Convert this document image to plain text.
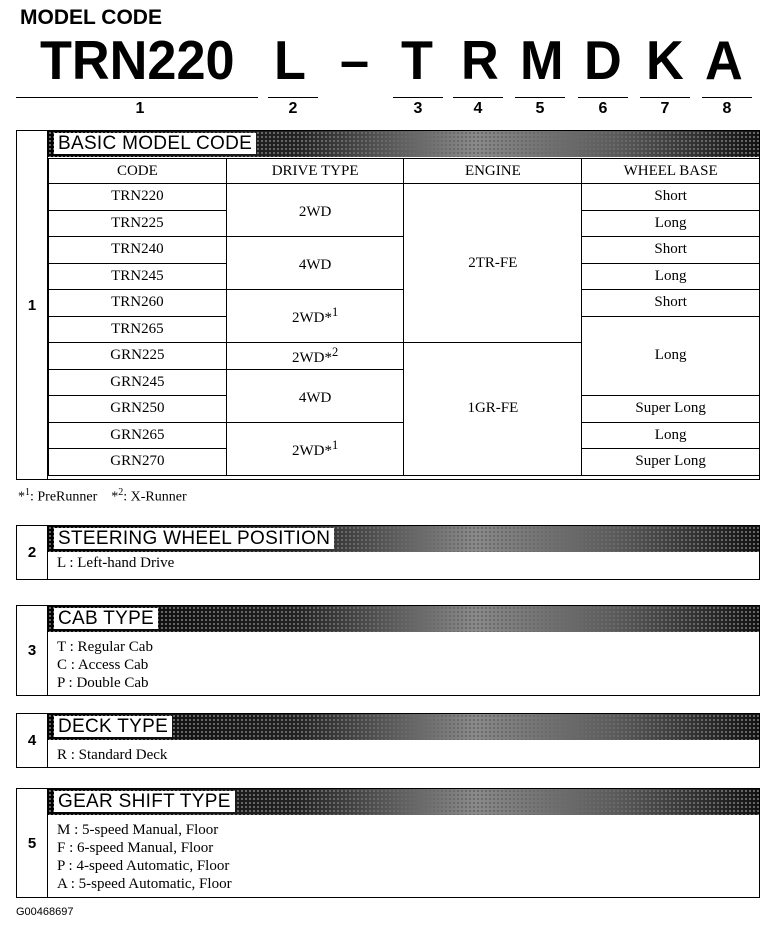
MODEL CODE
TRN220 L – T R M D K A
1	2	3	4	5	6	7	8
1
BASIC MODEL CODE
CODE	DRIVE TYPE	ENGINE	WHEEL BASE
TRN220	2WD	2TR-FE	Short
TRN225			Long
TRN240	4WD		Short
TRN245			Long
TRN260	2WD*$^1$		Short
TRN265			Long
GRN225	2WD*$^2$	1GR-FE	
GRN245	4WD		
GRN250			Super Long
GRN265	2WD*$^1$		Long
GRN270			Super Long
*$^1$: PreRunner    *$^2$: X-Runner
2
STEERING WHEEL POSITION
L : Left-hand Drive
3
CAB TYPE
T : Regular Cab
C : Access Cab
P : Double Cab
4
DECK TYPE
R : Standard Deck
5
GEAR SHIFT TYPE
M : 5-speed Manual, Floor
F : 6-speed Manual, Floor
P : 4-speed Automatic, Floor
A : 5-speed Automatic, Floor
G00468697
